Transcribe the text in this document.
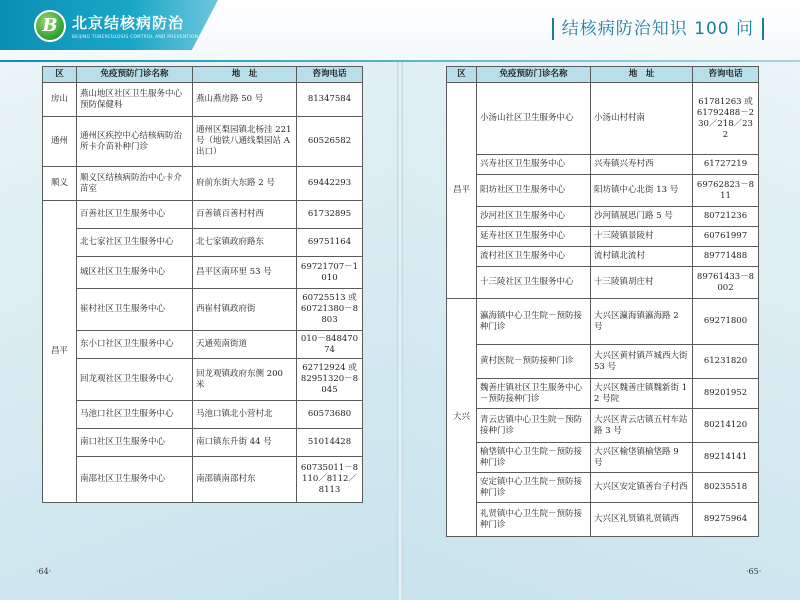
B 北京结核病防治
BEIJING TUBERCULOSIS CONTROL AND PREVENTION	结核病防治知识 100 问
区	免疫预防门诊名称	地　址	咨询电话
房山	燕山地区社区卫生服务中心预防保健科	燕山燕房路 50 号	81347584
通州	通州区疾控中心结核病防治所卡介苗补种门诊	通州区梨园镇北杨洼 221 号（地铁八通线梨园站 A 出口）	60526582
顺义	顺义区结核病防治中心卡介苗室	府前东街大东路 2 号	69442293
昌平	百善社区卫生服务中心	百善镇百善村村西	61732895
	北七家社区卫生服务中心	北七家镇政府路东	69751164
	城区社区卫生服务中心	昌平区南环里 53 号	69721707－1010
	崔村社区卫生服务中心	西崔村镇政府街	60725513 或 60721380－8803
	东小口社区卫生服务中心	天通苑南街道	010－84847074
	回龙观社区卫生服务中心	回龙观镇政府东侧 200 米	62712924 或 82951320－8045
	马池口社区卫生服务中心	马池口镇北小营村北	60573680
	南口社区卫生服务中心	南口镇东升街 44 号	51014428
	南邵社区卫生服务中心	南邵镇南邵村东	60735011－8110／8112／8113
区	免疫预防门诊名称	地　址	咨询电话
昌平	小汤山社区卫生服务中心	小汤山村村南	61781263 或 61792488－230／218／232
	兴寿社区卫生服务中心	兴寿镇兴寿村西	61727219
	阳坊社区卫生服务中心	阳坊镇中心北街 13 号	69762823－811
	沙河社区卫生服务中心	沙河镇展思门路 5 号	80721236
	延寿社区卫生服务中心	十三陵镇景陵村	60761997
	流村社区卫生服务中心	流村镇北流村	89771488
	十三陵社区卫生服务中心	十三陵镇胡庄村	89761433－8002
大兴	瀛海镇中心卫生院－预防接种门诊	大兴区瀛海镇瀛海路 2 号	69271800
	黄村医院－预防接种门诊	大兴区黄村镇芦城西大街 53 号	61231820
	魏善庄镇社区卫生服务中心－预防接种门诊	大兴区魏善庄镇魏新街 12 号院	89201952
	青云店镇中心卫生院－预防接种门诊	大兴区青云店镇五村车站路 3 号	80214120
	榆垡镇中心卫生院－预防接种门诊	大兴区榆垡镇榆垡路 9 号	89214141
	安定镇中心卫生院－预防接种门诊	大兴区安定镇善台子村西	80235518
	礼贤镇中心卫生院－预防接种门诊	大兴区礼贤镇礼贤镇西	89275964
·64·	·65·
